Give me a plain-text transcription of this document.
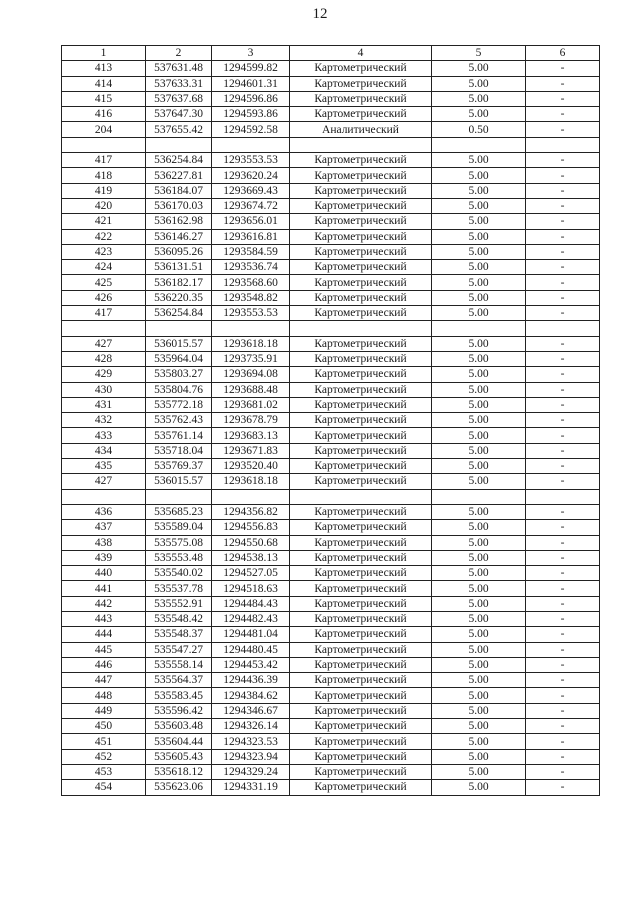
12
1	2	3	4	5	6
413	537631.48	1294599.82	Картометрический	5.00	-
414	537633.31	1294601.31	Картометрический	5.00	-
415	537637.68	1294596.86	Картометрический	5.00	-
416	537647.30	1294593.86	Картометрический	5.00	-
204	537655.42	1294592.58	Аналитический	0.50	-

417	536254.84	1293553.53	Картометрический	5.00	-
418	536227.81	1293620.24	Картометрический	5.00	-
419	536184.07	1293669.43	Картометрический	5.00	-
420	536170.03	1293674.72	Картометрический	5.00	-
421	536162.98	1293656.01	Картометрический	5.00	-
422	536146.27	1293616.81	Картометрический	5.00	-
423	536095.26	1293584.59	Картометрический	5.00	-
424	536131.51	1293536.74	Картометрический	5.00	-
425	536182.17	1293568.60	Картометрический	5.00	-
426	536220.35	1293548.82	Картометрический	5.00	-
417	536254.84	1293553.53	Картометрический	5.00	-

427	536015.57	1293618.18	Картометрический	5.00	-
428	535964.04	1293735.91	Картометрический	5.00	-
429	535803.27	1293694.08	Картометрический	5.00	-
430	535804.76	1293688.48	Картометрический	5.00	-
431	535772.18	1293681.02	Картометрический	5.00	-
432	535762.43	1293678.79	Картометрический	5.00	-
433	535761.14	1293683.13	Картометрический	5.00	-
434	535718.04	1293671.83	Картометрический	5.00	-
435	535769.37	1293520.40	Картометрический	5.00	-
427	536015.57	1293618.18	Картометрический	5.00	-

436	535685.23	1294356.82	Картометрический	5.00	-
437	535589.04	1294556.83	Картометрический	5.00	-
438	535575.08	1294550.68	Картометрический	5.00	-
439	535553.48	1294538.13	Картометрический	5.00	-
440	535540.02	1294527.05	Картометрический	5.00	-
441	535537.78	1294518.63	Картометрический	5.00	-
442	535552.91	1294484.43	Картометрический	5.00	-
443	535548.42	1294482.43	Картометрический	5.00	-
444	535548.37	1294481.04	Картометрический	5.00	-
445	535547.27	1294480.45	Картометрический	5.00	-
446	535558.14	1294453.42	Картометрический	5.00	-
447	535564.37	1294436.39	Картометрический	5.00	-
448	535583.45	1294384.62	Картометрический	5.00	-
449	535596.42	1294346.67	Картометрический	5.00	-
450	535603.48	1294326.14	Картометрический	5.00	-
451	535604.44	1294323.53	Картометрический	5.00	-
452	535605.43	1294323.94	Картометрический	5.00	-
453	535618.12	1294329.24	Картометрический	5.00	-
454	535623.06	1294331.19	Картометрический	5.00	-
